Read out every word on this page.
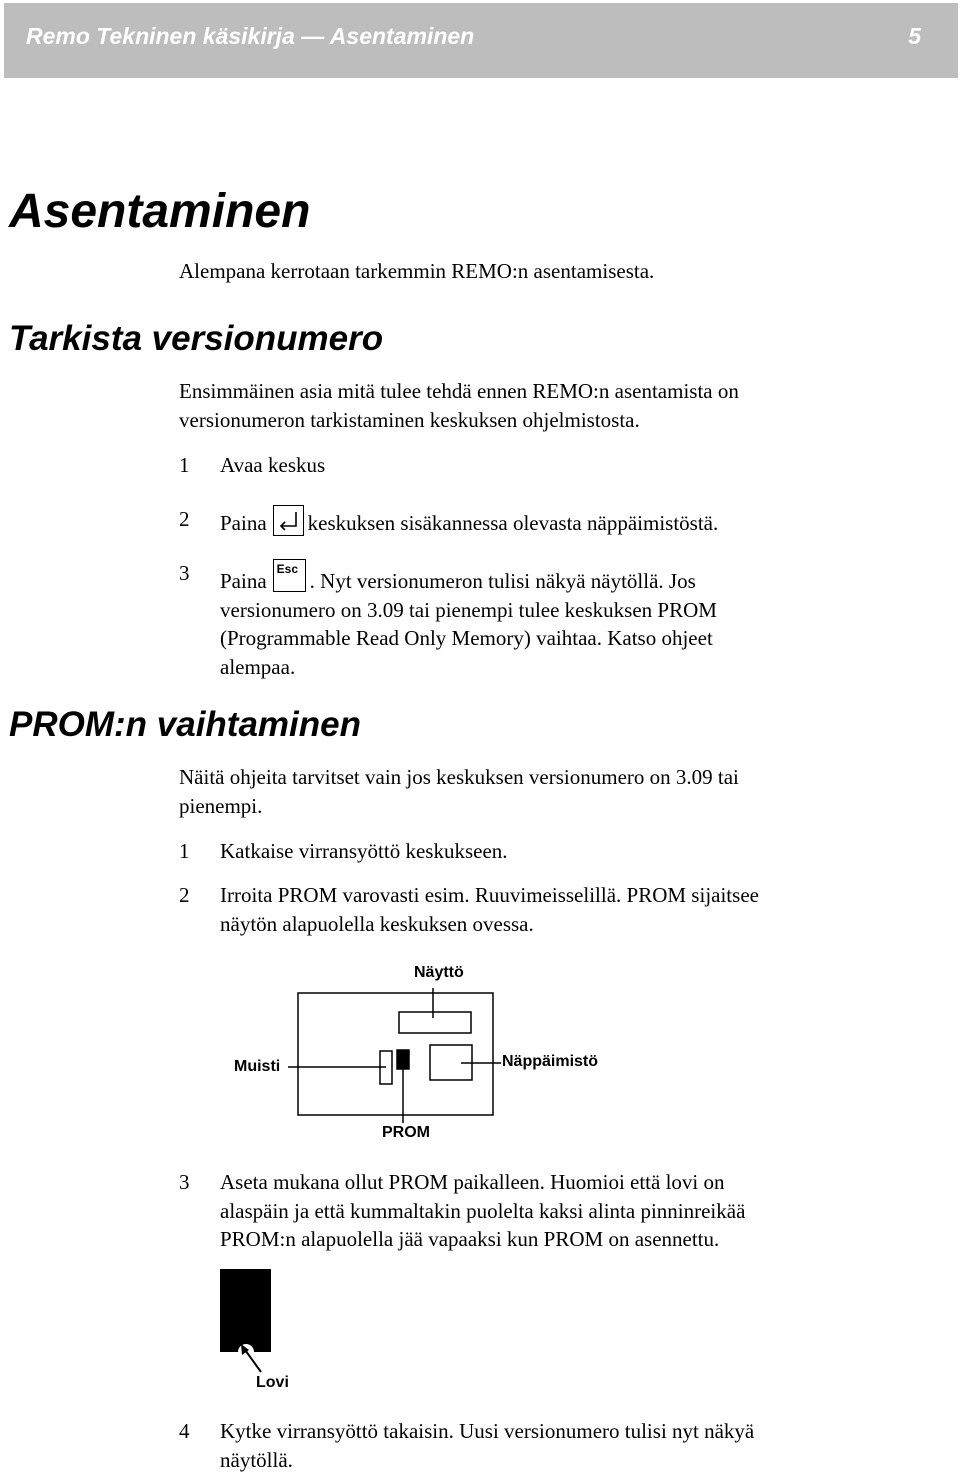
Remo Tekninen käsikirja — Asentaminen	5
Asentaminen

Alempana kerrotaan tarkemmin REMO:n asentamisesta.

Tarkista versionumero

Ensimmäinen asia mitä tulee tehdä ennen REMO:n asentamista on
versionumeron tarkistaminen keskuksen ohjelmistosta.

1	Avaa keskus
2	Paina keskuksen sisäkannessa olevasta näppäimistöstä.
3	Paina Esc . Nyt versionumeron tulisi näkyä näytöllä. Jos
versionumero on 3.09 tai pienempi tulee keskuksen PROM
(Programmable Read Only Memory) vaihtaa. Katso ohjeet
alempaa.
PROM:n vaihtaminen

Näitä ohjeita tarvitset vain jos keskuksen versionumero on 3.09 tai
pienempi.

1	Katkaise virransyöttö keskukseen.
2	Irroita PROM varovasti esim. Ruuvimeisselillä. PROM sijaitsee
näytön alapuolella keskuksen ovessa.
Näyttö
Muisti	Näppäimistö
PROM
3	Aseta mukana ollut PROM paikalleen. Huomioi että lovi on
alaspäin ja että kummaltakin puolelta kaksi alinta pinninreikää
PROM:n alapuolella jää vapaaksi kun PROM on asennettu.
Lovi
4	Kytke virransyöttö takaisin. Uusi versionumero tulisi nyt näkyä
näytöllä.
